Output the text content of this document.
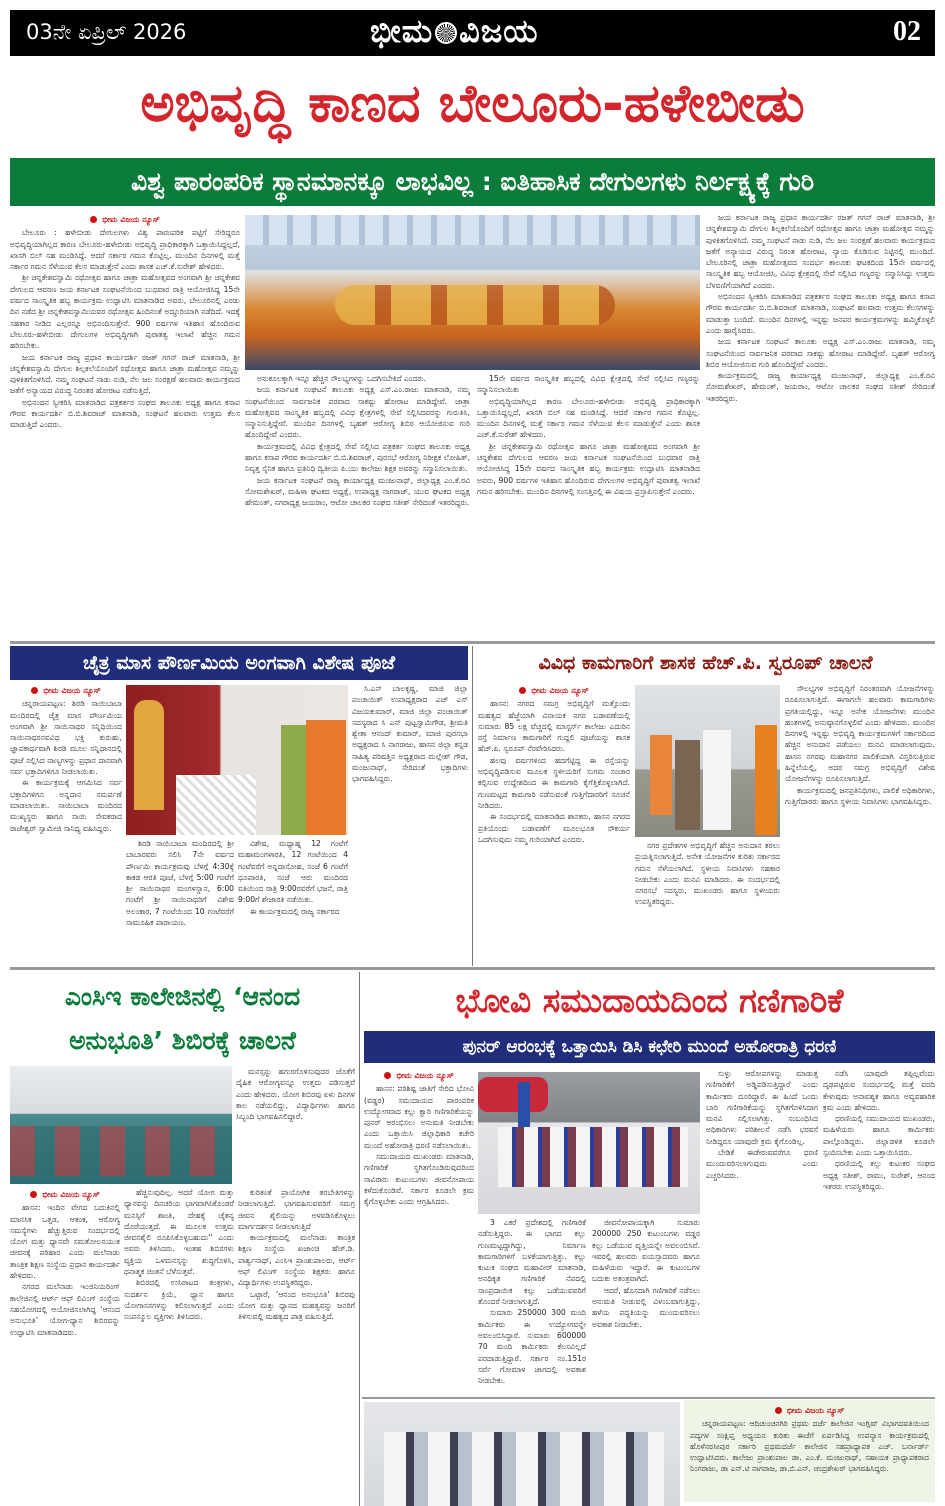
03ನೇ ಏಪ್ರಿಲ್ 2026	ಭೀಮ ವಿಜಯ	02
ಅಭಿವೃದ್ಧಿ ಕಾಣದ ಬೇಲೂರು-ಹಳೇಬೀಡು
ವಿಶ್ವ ಪಾರಂಪರಿಕ ಸ್ಥಾನಮಾನಕ್ಕೂ ಲಾಭವಿಲ್ಲ : ಐತಿಹಾಸಿಕ ದೇಗುಲಗಳು ನಿರ್ಲಕ್ಷ್ಯಕ್ಕೆ ಗುರಿ
ಭೀಮ ವಿಜಯ ನ್ಯೂಸ್

ಬೇಲೂರು : ಹಳೇಬೀಡು ದೇಗುಲಗಳು ವಿಶ್ವ ಪಾರಂಪರಿಕ ಪಟ್ಟಿಗೆ ಸೇರಿದ್ದರೂ ಅಭಿವೃದ್ಧಿಯಾಗಿಲ್ಲದ ಕಾರಣ ಬೇಲೂರು-ಹಳೇಬೀಡು ಅಭಿವೃದ್ಧಿ ಪ್ರಾಧಿಕಾರಕ್ಕಾಗಿ ಒತ್ತಾಯಿಸಿದ್ದಲ್ಲದೆ, ಖಾಸಗಿ ಬಿಲ್ ಸಹ ಮಂಡಿಸಿದ್ದೆ. ಆದರೆ ಸರ್ಕಾರ ಗಮನ ಕೊಟ್ಟಿಲ್ಲ. ಮುಂದಿನ ದಿನಗಳಲ್ಲಿ ಮತ್ತೆ ಸರ್ಕಾರ ಗಮನ ಸೆಳೆಯುವ ಕೆಲಸ ಮಾಡುತ್ತೇನೆ ಎಂದು ಶಾಸಕ ಎಚ್.ಕೆ.ಸುರೇಶ್ ಹೇಳಿದರು.

ಶ್ರೀ ಚನ್ನಕೇಶವಸ್ವಾಮಿ ರಥೋತ್ಸವ ಹಾಗೂ ಜಾತ್ರಾ ಮಹೋತ್ಸವದ ಅಂಗವಾಗಿ ಶ್ರೀ ಚನ್ನಕೇಶವ ದೇಗುಲದ ಆವರಣ ಜಯ ಕರ್ನಾಟಕ ಸಂಘಟನೆಯಿಂದ ಬುಧವಾರ ರಾತ್ರಿ ಆಯೋಜಿಸಿದ್ದ 15ನೇ ವರ್ಷದ ಸಾಂಸ್ಕೃತಿಕ ಹಬ್ಬ ಕಾರ್ಯಕ್ರಮ ಉದ್ಘಾಟಿಸಿ ಮಾತನಾಡಿದ ಅವರು, ಬೇಲೂರಿನಲ್ಲಿ ಎರಡು ದಿನ ನಡೆದ ಶ್ರೀ ಚನ್ನಕೇಶವಸ್ವಾಮಿಯವರ ರಥೋತ್ಸವ ಹಿಂದಿನಂತೆ ಅದ್ಧೂರಿಯಾಗಿ ನಡೆದಿದೆ. ಇದಕ್ಕೆ ಸಹಕಾರ ನೀಡಿದ ಎಲ್ಲರನ್ನೂ ಅಭಿನಂದಿಸುತ್ತೇನೆ. 900 ವರ್ಷಗಳ ಇತಿಹಾಸ ಹೊಂದಿರುವ ಬೇಲೂರು-ಹಳೇಬೀಡು ದೇಗುಲಗಳ ಅಭಿವೃದ್ಧಿಗಾಗಿ ಪುರಾತತ್ವ ಇಲಾಖೆ ಹೆಚ್ಚಿನ ಗಮನ ಹರಿಸಬೇಕು.

ಜಯ ಕರ್ನಾಟಕ ರಾಜ್ಯ ಪ್ರಧಾನ ಕಾರ್ಯದರ್ಶಿ ರಜತ್ ಗಗನ್ ರಾಜ್ ಮಾತನಾಡಿ, ಶ್ರೀ ಚನ್ನಕೇಶವಸ್ವಾಮಿ ದೇಗುಲ ಶಿಲ್ಪಕಲೆಯೊಂದಿಗೆ ರಥೋತ್ಸವ ಹಾಗೂ ಜಾತ್ರಾ ಮಹೋತ್ಸವ ನಮ್ಮನ್ನು ಪುಳಕಿತಗೊಳಿಸಿದೆ. ನಮ್ಮ ಸಂಘಟನೆ ನಾಡು ನುಡಿ, ನೆಲ ಜಲ ಸಂರಕ್ಷಣೆ ಹಲವಾರು ಕಾರ್ಯಕ್ರಮದ ಜತೆಗೆ ಅನ್ಯಾಯದ ವಿರುದ್ಧ ನಿರಂತರ ಹೋರಾಟ ನಡೆಸುತ್ತಿದೆ.

ಅಭಿನಂದನ ಸ್ವೀಕರಿಸಿ ಮಾತನಾಡಿದ ಪತ್ರಕರ್ತರ ಸಂಘದ ತಾಲೂಕು ಅಧ್ಯಕ್ಷ ಹಾಗೂ ಕಸಾಪ ಗೌರವ ಕಾರ್ಯದರ್ಶಿ ಬಿ.ಬಿ.ಶಿವರಾಜ್ ಮಾತನಾಡಿ, ಸಂಘಟನೆ ಹಲವಾರು ಉತ್ತಮ ಕೆಲಸ ಮಾಡುತ್ತಿದೆ ಎಂದರು.

ಅನುಕೂಲಕ್ಕಾಗಿ ಇನ್ನೂ ಹೆಚ್ಚಿನ ಸೌಲಭ್ಯಗಳನ್ನು ಒದಗಿಸಬೇಕಿದೆ ಎಂದರು.

ಜಯ ಕರ್ನಾಟಕ ಸಂಘಟನೆ ತಾಲೂಕು ಅಧ್ಯಕ್ಷ ಎಸ್.ಎಂ.ರಾಜು ಮಾತನಾಡಿ, ನಮ್ಮ ಸಂಘಟನೆಯಿಂದ ಸಾರ್ವಜನಿಕ ಪರವಾದ ಸಾಕಷ್ಟು ಹೋರಾಟ ಮಾಡಿದ್ದೇವೆ. ಜಾತ್ರಾ ಮಹೋತ್ಸವದ ಸಾಂಸ್ಕೃತಿಕ ಹಬ್ಬದಲ್ಲಿ ವಿವಿಧ ಕ್ಷೇತ್ರಗಳಲ್ಲಿ ಸೇವೆ ಸಲ್ಲಿಸಿದವರನ್ನು ಗುರುತಿಸಿ, ಸನ್ಮಾನಿಸುತ್ತಿದ್ದೇವೆ. ಮುಂದಿನ ದಿನಗಳಲ್ಲಿ ಬೃಹತ್ ಆರೋಗ್ಯ ಶಿಬಿರ ಆಯೋಜಿಸುವ ಗುರಿ ಹೊಂದಿದ್ದೇವೆ ಎಂದರು.

ಕಾರ್ಯಕ್ರಮದಲ್ಲಿ ವಿವಿಧ ಕ್ಷೇತ್ರದಲ್ಲಿ ಸೇವೆ ಸಲ್ಲಿಸಿದ ಪತ್ರಕರ್ತ ಸಂಘದ ತಾಲೂಕು ಅಧ್ಯಕ್ಷ ಹಾಗೂ ಕಸಾಪ ಗೌರವ ಕಾರ್ಯದರ್ಶಿ ಬಿ.ಬಿ.ಶಿವರಾಜ್, ಪುರಸಭೆ ಆರೋಗ್ಯ ನಿರೀಕ್ಷಕ ಲೋಹಿತ್, ನಿವೃತ್ತ ಸೈನಿಕ ಹಾಗೂ ಪ್ರತಿನಿಧಿ ದ್ವಿತೀಯ ಪಿ.ಯು ಕಾಲೇಜು ಶಿಕ್ಷಕ ಅವರನ್ನು ಸನ್ಮಾನಿಸಲಾಯಿತು.

ಜಯ ಕರ್ನಾಟಕ ಸಂಘಟನೆ ರಾಜ್ಯ ಕಾರ್ಯಾಧ್ಯಕ್ಷ ಮಂಜುನಾಥ್, ಜಿಲ್ಲಾಧ್ಯಕ್ಷ ಎಂ.ಕೆ.ರವಿ ಸೋಮಶೇಖರ್, ಮಹಿಳಾ ಘಟಕದ ಅಧ್ಯಕ್ಷೆ, ಉಪಾಧ್ಯಕ್ಷ ನಾಗರಾಜ್, ಯುವ ಘಟಕದ ಅಧ್ಯಕ್ಷ ಹೇಮಂತ್, ನಗರಾಧ್ಯಕ್ಷ ಜಯರಾಂ, ಆಟೋ ಚಾಲಕರ ಸಂಘದ ಸತೀಶ್ ಸೇರಿದಂತೆ ಇತರರಿದ್ದರು.

15ನೇ ವರ್ಷದ ಸಾಂಸ್ಕೃತಿಕ ಹಬ್ಬದಲ್ಲಿ ವಿವಿಧ ಕ್ಷೇತ್ರದಲ್ಲಿ ಸೇವೆ ಸಲ್ಲಿಸಿದ ಗಣ್ಯರನ್ನು ಸನ್ಮಾನಿಸಲಾಯಿತು

ಅಭಿವೃದ್ಧಿಯಾಗಿಲ್ಲದ ಕಾರಣ ಬೇಲೂರು-ಹಳೇಬೀಡು ಅಭಿವೃದ್ಧಿ ಪ್ರಾಧಿಕಾರಕ್ಕಾಗಿ ಒತ್ತಾಯಿಸಿದ್ದಲ್ಲದೆ, ಖಾಸಗಿ ಬಿಲ್ ಸಹ ಮಂಡಿಸಿದ್ದೆ. ಆದರೆ ಸರ್ಕಾರ ಗಮನ ಕೊಟ್ಟಿಲ್ಲ. ಮುಂದಿನ ದಿನಗಳಲ್ಲಿ ಮತ್ತೆ ಸರ್ಕಾರ ಗಮನ ಸೆಳೆಯುವ ಕೆಲಸ ಮಾಡುತ್ತೇನೆ ಎಂದು ಶಾಸಕ ಎಚ್.ಕೆ.ಸುರೇಶ್ ಹೇಳಿದರು.

ಶ್ರೀ ಚನ್ನಕೇಶವಸ್ವಾಮಿ ರಥೋತ್ಸವ ಹಾಗೂ ಜಾತ್ರಾ ಮಹೋತ್ಸವದ ಅಂಗವಾಗಿ ಶ್ರೀ ಚನ್ನಕೇಶವ ದೇಗುಲದ ಆವರಣ ಜಯ ಕರ್ನಾಟಕ ಸಂಘಟನೆಯಿಂದ ಬುಧವಾರ ರಾತ್ರಿ ಆಯೋಜಿಸಿದ್ದ 15ನೇ ವರ್ಷದ ಸಾಂಸ್ಕೃತಿಕ ಹಬ್ಬ ಕಾರ್ಯಕ್ರಮ ಉದ್ಘಾಟಿಸಿ ಮಾತನಾಡಿದ ಅವರು, 900 ವರ್ಷಗಳ ಇತಿಹಾಸ ಹೊಂದಿರುವ ದೇಗುಲಗಳ ಅಭಿವೃದ್ಧಿಗೆ ಪುರಾತತ್ವ ಇಲಾಖೆ ಗಮನ ಹರಿಸಬೇಕು. ಮುಂದಿನ ದಿನಗಳಲ್ಲಿ ಸಂಸತ್ತಿನಲ್ಲಿ ಈ ವಿಷಯ ಪ್ರಸ್ತಾಪಿಸುತ್ತೇನೆ ಎಂದರು.

ಜಯ ಕರ್ನಾಟಕ ರಾಜ್ಯ ಪ್ರಧಾನ ಕಾರ್ಯದರ್ಶಿ ರಜತ್ ಗಗನ್ ರಾಜ್ ಮಾತನಾಡಿ, ಶ್ರೀ ಚನ್ನಕೇಶವಸ್ವಾಮಿ ದೇಗುಲ ಶಿಲ್ಪಕಲೆಯೊಂದಿಗೆ ರಥೋತ್ಸವ ಹಾಗೂ ಜಾತ್ರಾ ಮಹೋತ್ಸವ ನಮ್ಮನ್ನು ಪುಳಕಿತಗೊಳಿಸಿದೆ. ನಮ್ಮ ಸಂಘಟನೆ ನಾಡು ನುಡಿ, ನೆಲ ಜಲ ಸಂರಕ್ಷಣೆ ಹಲವಾರು ಕಾರ್ಯಕ್ರಮದ ಜತೆಗೆ ಅನ್ಯಾಯದ ವಿರುದ್ಧ ನಿರಂತ ಹೋರಾಟ, ನ್ಯಾಯ ಕೊಡಿಸುವ ನಿಟ್ಟಿನಲ್ಲಿ ಮುಂದಿದೆ. ಬೇಲೂರಿನಲ್ಲಿ ಜಾತ್ರಾ ಮಹೋತ್ಸವದ ಸಂದರ್ಭ ತಾಲೂಕು ಘಟಕದಿಂದ 15ನೇ ವರ್ಷದಲ್ಲಿ ಸಾಂಸ್ಕೃತಿಕ ಹಬ್ಬ ಆಯೋಜಿಸಿ, ವಿವಿಧ ಕ್ಷೇತ್ರದಲ್ಲಿ ಸೇವೆ ಸಲ್ಲಿಸಿದ ಗಣ್ಯರನ್ನು ಸನ್ಮಾನಿಸಿದ್ದು ಉತ್ತಮ ಬೆಳವಣಿಗೆಯಾಗಿದೆ ಎಂದರು.

ಅಭಿನಂದನ ಸ್ವೀಕರಿಸಿ ಮಾತನಾಡಿದ ಪತ್ರಕರ್ತರ ಸಂಘದ ತಾಲೂಕು ಅಧ್ಯಕ್ಷ ಹಾಗೂ ಕಸಾಪ ಗೌರವ ಕಾರ್ಯದರ್ಶಿ ಬಿ.ಬಿ.ಶಿವರಾಜ್ ಮಾತನಾಡಿ, ಸಂಘಟನೆ ಹಲವಾರು ಉತ್ತಮ ಕೆಲಸಗಳನ್ನು ಮಾಡುತ್ತಾ ಬಂದಿದೆ. ಮುಂದಿನ ದಿನಗಳಲ್ಲಿ ಇನ್ನಷ್ಟು ಜನಪರ ಕಾರ್ಯಕ್ರಮಗಳನ್ನು ಹಮ್ಮಿಕೊಳ್ಳಲಿ ಎಂದು ಹಾರೈಸಿದರು.

ಜಯ ಕರ್ನಾಟಕ ಸಂಘಟನೆ ತಾಲೂಕು ಅಧ್ಯಕ್ಷ ಎಸ್.ಎಂ.ರಾಜು ಮಾತನಾಡಿ, ನಮ್ಮ ಸಂಘಟನೆಯಿಂದ ಸಾರ್ವಜನಿಕ ಪರವಾದ ಸಾಕಷ್ಟು ಹೋರಾಟ ಮಾಡಿದ್ದೇವೆ. ಬೃಹತ್ ಆರೋಗ್ಯ ಶಿಬಿರ ಆಯೋಜಿಸುವ ಗುರಿ ಹೊಂದಿದ್ದೇವೆ ಎಂದರು.

ಕಾರ್ಯಕ್ರಮದಲ್ಲಿ ರಾಜ್ಯ ಕಾರ್ಯಾಧ್ಯಕ್ಷ ಮಂಜುನಾಥ್, ಜಿಲ್ಲಾಧ್ಯಕ್ಷ ಎಂ.ಕೆ.ರವಿ ಸೋಮಶೇಖರ್, ಹೇಮಂತ್, ಜಯರಾಂ, ಆಟೋ ಚಾಲಕರ ಸಂಘದ ಸತೀಶ್ ಸೇರಿದಂತೆ ಇತರರಿದ್ದರು.

ಚೈತ್ರ ಮಾಸ ಪೌರ್ಣಮಿಯ ಅಂಗವಾಗಿ ವಿಶೇಷ ಪೂಜೆ
ಭೀಮ ವಿಜಯ ನ್ಯೂಸ್

ಚನ್ನರಾಯಪಟ್ಟಣ: ಶಿರಡಿ ಸಾಯಿಬಾಬಾ ಮಂದಿರದಲ್ಲಿ ಚೈತ್ರ ಮಾಸ ಪೌರ್ಣಮಿಯ ಅಂಗವಾಗಿ ಶ್ರೀ ಸಾಯಿನಾಥರ ಸನ್ನಿಧಿಯಿಂದ ಸಾಯಿನಾಥರನವವಿಧ ಭಕ್ತಿ ಕುರುಹು, ಜ್ಞಾಪಕಾರ್ಥವಾಗಿ ಶಿರಡಿ ಮೂಲ ಸನ್ನಿಧಾನದಲ್ಲಿ ಪೂಜೆ ಸಲ್ಲಿಸಿದ ನಾಣ್ಯಗಳನ್ನು ಪ್ರಧಾನ ದಾನವಾಗಿ ಸರ್ವ ಭಕ್ತಾದಿಗಳಿಗೂ ನೀಡಲಾಯಿತು.

ಈ ಕಾರ್ಯಕ್ರಮಕ್ಕೆ ಆಗಮಿಸಿದ ಸರ್ವ ಭಕ್ತಾದಿಗಳಿಗೂ ಅನ್ನದಾನ ಸಮರ್ಪಣೆ ಮಾಡಲಾಯಿತು. ಸಾಯಿಬಾಬಾ ಮಂದಿರದ ಮುಖ್ಯಸ್ಥರು ಹಾಗೂ ಸಾಯಿ ಸೇವಕರಾದ ರಾಜೇಶ್ವರ್ ಸ್ವಾಮೀಜಿ ಸಾನಿಧ್ಯ ವಹಿಸಿದ್ದರು.

ಶಿರಡಿ ಸಾಯಿಬಾಬಾ ಮಂದಿರದಲ್ಲಿ ಶ್ರೀ ಬಾಬಾರವರು ಸಲಿಸಿ 7ನೇ ವರ್ಷದ ಪೌರ್ಣಮಿ ಕಾರ್ಯಕ್ರಮವು ಬೆಳಗ್ಗೆ 4:30ಕ್ಕೆ ಕಾಕಡ ಆರತಿ ಪೂಜೆ, ಬೆಳಗ್ಗೆ 5:00 ಗಂಟೆಗೆ ಶ್ರೀ ಸಾಯಿನಾಥರ ಮಂಗಳಸ್ನಾನ, 6:00 ಗಂಟೆಗೆ ಶ್ರೀ ಸಾಯಿನಾಥರಿಗೆ ವಿಶೇಷ ಅಲಂಕಾರ, 7 ಗಂಟೆಯಿಂದ 10 ಗಂಟೆವರೆಗೆ ಸಾಮೂಹಿಕ ಪಾರಾಯಣ.

ವಿಶೇಷ, ಮಧ್ಯಾಹ್ನ 12 ಗಂಟೆಗೆ ಮಹಾಮಂಗಳಾರತಿ, 12 ಗಂಟೆಯಿಂದ 4 ಗಂಟೆವರೆಗೆ ಅನ್ನದಾಸೋಹ, ಸಂಜೆ 6 ಗಂಟೆಗೆ ಧೂಪಾರತಿ, ಸಂಜೆ ಆರು ಮಂದಿರದ ವತಿಯಿಂದ ರಾತ್ರಿ 9:00ರವರೆಗೆ ಭಜನೆ, ರಾತ್ರಿ 9:00ಗೆ ಶೇಜಾರತಿ ನಡೆಯಿತು.

ಈ ಕಾರ್ಯಕ್ರಮದಲ್ಲಿ ರಾಜ್ಯ ಸರ್ಕಾರದ

ಸಿ.ಎನ್ ಬಾಲಕೃಷ್ಣ, ಮಾಜಿ ಜಿಲ್ಲಾ ಪಂಚಾಯಿತ್ ಉಪಾಧ್ಯಕ್ಷರಾದ ಎಚ್ ಎಸ್ ವಿಜಯಕುಮಾರ್, ಮಾಜಿ ಜಿಲ್ಲಾ ಪಂಚಾಯಿತ್ ಸದಸ್ಯರಾದ ಸಿ ಎನ್ ಪುಟ್ಟಸ್ವಾಮಿಗೌಡ, ಶ್ರೀಮತಿ ಶ್ವೇತಾ ಆನಂದ್ ಕುಮಾರ್, ಮಾಜಿ ಪುರಸಭಾ ಅಧ್ಯಕ್ಷರಾದ ಸಿ ನಾಗರಾಜು, ಹಾಸನ ಜಿಲ್ಲಾ ಕನ್ನಡ ಸಾಹಿತ್ಯ ಪರಿಷತ್ತಿನ ಅಧ್ಯಕ್ಷರಾದ ಮಲ್ಲೇಶ್ ಗೌಡ, ಮಂಜುನಾಥ್, ಸೇರಿದಂತೆ ಭಕ್ತಾದಿಗಳು ಭಾಗವಹಿಸಿದ್ದರು.

ವಿವಿಧ ಕಾಮಗಾರಿಗೆ ಶಾಸಕ ಹೆಚ್.ಪಿ. ಸ್ವರೂಪ್ ಚಾಲನೆ
ಭೀಮ ವಿಜಯ ನ್ಯೂಸ್

ಹಾಸನ: ನಗರದ ಸಮಗ್ರ ಅಭಿವೃದ್ಧಿಗೆ ಮತ್ತೊಂದು ಮಹತ್ವದ ಹೆಜ್ಜೆಯಾಗಿ ವಿನಾಯಕ ನಗರ ಬಡಾವಣೆಯಲ್ಲಿ ಸುಮಾರು 85 ಲಕ್ಷ ವೆಚ್ಚದಲ್ಲಿ ಮಾಸ್ಟರ್ಸ್ ಕಾಲೇಜು ಎದುರಿನ ರಸ್ತೆ ನಿರ್ಮಾಣ ಕಾಮಗಾರಿಗೆ ಗುದ್ದಲಿ ಪೂಜೆಯನ್ನು ಶಾಸಕ ಹೆಚ್.ಪಿ. ಸ್ವರೂಪ್ ನೆರವೇರಿಸಿದರು.

ಹಲವು ವರ್ಷಗಳಿಂದ ಹದಗೆಟ್ಟಿದ್ದ ಈ ರಸ್ತೆಯನ್ನು ಅಭಿವೃದ್ಧಿಪಡಿಸುವ ಮೂಲಕ ಸ್ಥಳೀಯರಿಗೆ ಸುಗಮ ಸಂಚಾರ ಕಲ್ಪಿಸುವ ಉದ್ದೇಶದಿಂದ ಈ ಕಾಮಗಾರಿ ಕೈಗೆತ್ತಿಕೊಳ್ಳಲಾಗಿದೆ. ಗುಣಮಟ್ಟದ ಕಾಮಗಾರಿ ನಡೆಸುವಂತೆ ಗುತ್ತಿಗೆದಾರರಿಗೆ ಸೂಚನೆ ನೀಡಿದರು.

ಈ ಸಂದರ್ಭದಲ್ಲಿ ಮಾತನಾಡಿದ ಶಾಸಕರು, ಹಾಸನ ನಗರದ ಪ್ರತಿಯೊಂದು ಬಡಾವಣೆಗೆ ಮೂಲಭೂತ ಸೌಕರ್ಯ ಒದಗಿಸುವುದು ನಮ್ಮ ಗುರಿಯಾಗಿದೆ ಎಂದರು.

ನಗರ ಪ್ರದೇಶಗಳ ಅಭಿವೃದ್ಧಿಗೆ ಹೆಚ್ಚಿನ ಅನುದಾನ ತರಲು ಪ್ರಯತ್ನಿಸಲಾಗುತ್ತಿದೆ. ಅನೇಕ ಯೋಜನೆಗಳ ಕುರಿತು ಸರ್ಕಾರದ ಗಮನ ಸೆಳೆಯಲಾಗಿದೆ. ಸ್ಥಳೀಯ ನಿವಾಸಿಗಳು ಸಹಕಾರ ನೀಡಬೇಕು ಎಂದು ಮನವಿ ಮಾಡಿದರು. ಈ ಸಂದರ್ಭದಲ್ಲಿ ನಗರಸಭೆ ಸದಸ್ಯರು, ಮುಖಂಡರು ಹಾಗೂ ಸ್ಥಳೀಯರು ಉಪಸ್ಥಿತರಿದ್ದರು.

ಸೌಲಭ್ಯಗಳ ಅಭಿವೃದ್ಧಿಗೆ ನಿರಂತರವಾಗಿ ಯೋಜನೆಗಳನ್ನು ರೂಪಿಸಲಾಗುತ್ತಿದೆ. ಈಗಾಗಲೇ ಹಲವಾರು ಕಾಮಗಾರಿಗಳು ಪ್ರಗತಿಯಲ್ಲಿದ್ದು, ಇನ್ನೂ ಅನೇಕ ಯೋಜನೆಗಳು ಮುಂದಿನ ಹಂತಗಳಲ್ಲಿ ಅನುಷ್ಠಾನಗೊಳ್ಳಲಿವೆ ಎಂದು ಹೇಳಿದರು. ಮುಂದಿನ ದಿನಗಳಲ್ಲಿ ಇನ್ನಷ್ಟು ಅಭಿವೃದ್ಧಿ ಕಾರ್ಯಕ್ರಮಗಳಿಗೆ ಸರ್ಕಾರದಿಂದ ಹೆಚ್ಚಿನ ಅನುದಾನ ಪಡೆಯಲು ಮನವಿ ಮಾಡಲಾಗುವುದು. ಹಾಸನ ನಗರವು ಮಹಾನಗರ ಪಾಲಿಕೆಯಾಗಿ ವಿಸ್ತರಿಸುತ್ತಿರುವ ಹಿನ್ನೆಲೆಯಲ್ಲಿ, ಅದರ ಸಮಗ್ರ ಅಭಿವೃದ್ಧಿಗೆ ವಿಶೇಷ ಯೋಜನೆಗಳನ್ನು ರೂಪಿಸಲಾಗುತ್ತಿದೆ.

ಕಾರ್ಯಕ್ರಮದಲ್ಲಿ ಜನಪ್ರತಿನಿಧಿಗಳು, ಪಾಲಿಕೆ ಅಧಿಕಾರಿಗಳು, ಗುತ್ತಿಗೆದಾರರು ಹಾಗೂ ಸ್ಥಳೀಯ ನಿವಾಸಿಗಳು ಭಾಗವಹಿಸಿದ್ದರು.

ಎಂಸಿಇ ಕಾಲೇಜಿನಲ್ಲಿ ‘ಆನಂದ
ಅನುಭೂತಿ’ ಶಿಬಿರಕ್ಕೆ ಚಾಲನೆ

ಮನಸ್ಸನ್ನು ಹಗುರಗೊಳಿಸುವುದರ ಜೊತೆಗೆ ದೈಹಿಕ ಆರೋಗ್ಯವನ್ನೂ ಉತ್ತಮ ಪಡಿಸುತ್ತವೆ ಎಂದು ಹೇಳಿದರು. ಯೋಗ ಶಿಬಿರವು ಏಳು ದಿನಗಳ ಕಾಲ ನಡೆಯಲಿದ್ದು, ವಿದ್ಯಾರ್ಥಿಗಳು ಹಾಗೂ ಸಿಬ್ಬಂದಿ ಭಾಗವಹಿಸಲಿದ್ದಾರೆ.

ಭೀಮ ವಿಜಯ ನ್ಯೂಸ್

ಹಾಸನ: ಇಂದಿನ ವೇಗದ ಬದುಕಿನಲ್ಲಿ ಮಾನಸಿಕ ಒತ್ತಡ, ಆತಂಕ, ಆರೋಗ್ಯ ಸಮಸ್ಯೆಗಳು ಹೆಚ್ಚುತ್ತಿರುವ ಸಂದರ್ಭದಲ್ಲಿ ಯೋಗ ಮತ್ತು ಧ್ಯಾನವೇ ಸಮತೋಲನಯುತ ಜೀವನಕ್ಕೆ ಪರಿಹಾರ ಎಂದು ಮಲೆನಾಡು ತಾಂತ್ರಿಕ ಶಿಕ್ಷಣ ಸಂಸ್ಥೆಯ ಪ್ರಧಾನ ಕಾರ್ಯದರ್ಶಿ ಹೇಳಿದರು.

ನಗರದ ಮಲೆನಾಡು ಇಂಜಿನಿಯರಿಂಗ್ ಕಾಲೇಜಿನಲ್ಲಿ ಆರ್ಟ್ ಆಫ್ ಲಿವಿಂಗ್ ಸಂಸ್ಥೆಯ ಸಹಯೋಗದಲ್ಲಿ ಆಯೋಜಿಸಲಾಗಿದ್ದ ‘ಆನಂದ ಅನುಭೂತಿ’ ಯೋಗ-ಧ್ಯಾನ ಶಿಬಿರವನ್ನು ಉದ್ಘಾಟಿಸಿ ಮಾತನಾಡಿದರು.

ಹೆಚ್ಚಿಸುವುದಿಲ್ಲ. ಆದರೆ ಯೋಗ ಮತ್ತು ಧ್ಯಾನವನ್ನು ದಿನಚರಿಯ ಭಾಗವಾಗಿಸಿಕೊಂಡರೆ ಮನಸ್ಸಿಗೆ ಶಾಂತಿ, ದೇಹಕ್ಕೆ ಚೈತನ್ಯ ದೊರೆಯುತ್ತದೆ. ಈ ಮೂಲಕ ಉತ್ತಮ ಜೀವನಶೈಲಿ ರೂಪಿಸಿಕೊಳ್ಳಬಹುದು'' ಎಂದು ಅವರು ತಿಳಿಸಿದರು. ಇಂತಹ ಶಿಬಿರಗಳು ವ್ಯಕ್ತಿಯ ಒಳಮನಸ್ಸನ್ನು ಶುದ್ಧಗೊಳಿಸಿ, ಧನಾತ್ಮಕ ಚಿಂತನೆ ಬೆಳೆಸುತ್ತವೆ.

ಶಿಬಿರದಲ್ಲಿ ಉಸಿರಾಟದ ತಂತ್ರಗಳು, ಸುದರ್ಶನ ಕ್ರಿಯೆ, ಧ್ಯಾನ ಹಾಗೂ ಯೋಗಾಸನಗಳನ್ನು ಕಲಿಸಲಾಗುತ್ತದೆ ಎಂದು ಸಂಪನ್ಮೂಲ ವ್ಯಕ್ತಿಗಳು ತಿಳಿಸಿದರು.

ಕುರಿತಂತೆ ಪ್ರಾಯೋಗಿಕ ತರಬೇತಿಗಳನ್ನು ನೀಡಲಾಗುತ್ತಿದೆ. ಭಾಗವಹಿಸುವವರಿಗೆ ಸಮಗ್ರ ಜೀವನ ಶೈಲಿಯನ್ನು ಅಳವಡಿಸಿಕೊಳ್ಳಲು ಮಾರ್ಗದರ್ಶನ ನೀಡಲಾಗುತ್ತಿದೆ

ಕಾರ್ಯಕ್ರಮದಲ್ಲಿ ಮಲೆನಾಡು ತಾಂತ್ರಿಕ ಶಿಕ್ಷಣ ಸಂಸ್ಥೆಯ ಖಜಾಂಚಿ ಹೆಚ್.ಡಿ. ಪಾರ್ಶ್ವನಾಥ್, ಎಂಸಿಇ ಪ್ರಾಂಶುಪಾಲರು, ಆರ್ಟ್ ಆಫ್ ಲಿವಿಂಗ್ ಸಂಸ್ಥೆಯ ಶಿಕ್ಷಕರು ಹಾಗೂ ವಿದ್ಯಾರ್ಥಿಗಳು ಉಪಸ್ಥಿತರಿದ್ದರು.

ಒಟ್ಟಾರೆ, ‘ಆನಂದ ಅನುಭೂತಿ’ ಶಿಬಿರವು ಯೋಗ ಮತ್ತು ಧ್ಯಾನದ ಮಹತ್ವವನ್ನು ಜನರಿಗೆ ತಿಳಿಸುವಲ್ಲಿ ಮಹತ್ವದ ಪಾತ್ರ ವಹಿಸುತ್ತಿದೆ.

ಭೋವಿ ಸಮುದಾಯದಿಂದ ಗಣಿಗಾರಿಕೆ
ಪುನರ್ ಆರಂಭಕ್ಕೆ ಒತ್ತಾಯಿಸಿ ಡಿಸಿ ಕಛೇರಿ ಮುಂದೆ ಅಹೋರಾತ್ರಿ ಧರಣಿ
ಭೀಮ ವಿಜಯ ನ್ಯೂಸ್

ಹಾಸನ: ಪರಿಶಿಷ್ಟ ಜಾತಿಗೆ ಸೇರಿದ ಭೋವಿ (ವಡ್ಡರ) ಸಮುದಾಯದ ಪಾರಂಪರಿಕ ಉದ್ಯೋಗವಾದ ಕಲ್ಲು ಕ್ವಾರಿ ಗಣಿಗಾರಿಕೆಯನ್ನು ಪುನರ್ ಆರಂಭಿಸಲು ಅನುಮತಿ ನೀಡಬೇಕು ಎಂದು ಒತ್ತಾಯಿಸಿ ಜಿಲ್ಲಾಧಿಕಾರಿ ಕಚೇರಿ ಮುಂದೆ ಅಹೋರಾತ್ರಿ ಧರಣಿ ನಡೆಸಲಾಯಿತು.

ಸಮುದಾಯದ ಮುಖಂಡರು ಮಾತನಾಡಿ, ಗಣಿಗಾರಿಕೆ ಸ್ಥಗಿತಗೊಂಡಿರುವುದರಿಂದ ಸಾವಿರಾರು ಕುಟುಂಬಗಳು ಜೀವನೋಪಾಯ ಕಳೆದುಕೊಂಡಿವೆ. ಸರ್ಕಾರ ಕೂಡಲೇ ಕ್ರಮ ಕೈಗೊಳ್ಳಬೇಕು ಎಂದು ಆಗ್ರಹಿಸಿದರು.

3 ಎಕರೆ ಪ್ರದೇಶದಲ್ಲಿ ಗಣಿಗಾರಿಕೆ ನಡೆಸುತ್ತಿದ್ದರು. ಈ ಭಾಗದ ಕಲ್ಲು ಗುಣಮಟ್ಟದ್ದಾಗಿದ್ದು, ನಿರ್ಮಾಣ ಕಾಮಗಾರಿಗಳಿಗೆ ಬಳಕೆಯಾಗುತ್ತಿತ್ತು. ಕಲ್ಲು ಕುಟುಕ ಸಂಘದ ಮಹಾವೀರ್ ಮಾತನಾಡಿ, ಅನಧಿಕೃತ ಗಣಿಗಾರಿಕೆ ನೆಪದಲ್ಲಿ ಸಾಂಪ್ರದಾಯಿಕ ಕಲ್ಲು ಒಡೆಯುವವರಿಗೆ ತೊಂದರೆ ನೀಡಲಾಗುತ್ತಿದೆ.

ಸುಮಾರು 250000 300 ಮಂದಿ ಕಾರ್ಮಿಕರು ಈ ಉದ್ಯೋಗವನ್ನೇ ಅವಲಂಬಿಸಿದ್ದಾರೆ. ಸುಮಾರು 600000 70 ಮಂದಿ ಕಾರ್ಮಿಕರು ಕೆಲಸವಿಲ್ಲದೆ ಪರದಾಡುತ್ತಿದ್ದಾರೆ. ಸರ್ಕಾರ ನಂ.151ರ ಸರ್ವೆ ಗೋಮಾಳ ಜಾಗದಲ್ಲಿ ಅವಕಾಶ ನೀಡಬೇಕು.

ಜೀವನೋಪಾಯಕ್ಕಾಗಿ ಸುಮಾರು 200000 250 ಕುಟುಂಬಗಳು ವಡ್ಡರ ಕಲ್ಲು ಒಡೆಯುವ ವೃತ್ತಿಯನ್ನೇ ಅವಲಂಬಿಸಿವೆ. ಇವರಲ್ಲಿ ಹಲವರು ವಯಸ್ಸಾದವರು ಹಾಗೂ ಮಹಿಳೆಯರು ಇದ್ದಾರೆ. ಈ ಕುಟುಂಬಗಳ ಬದುಕು ಅತಂತ್ರವಾಗಿದೆ.

ಆದರೆ, ಹೊಸದಾಗಿ ಗಣಿಗಾರಿಕೆ ನಡೆಸಲು ಅನುಮತಿ ನೀಡುವಲ್ಲಿ ವಿಳಂಬವಾಗುತ್ತಿದ್ದು, ಹಳೆಯ ಪದ್ಧತಿಯನ್ನು ಮುಂದುವರಿಸಲು ಅವಕಾಶ ನೀಡಬೇಕು.

ಸುಳ್ಳು ಆರೋಪಗಳನ್ನು ಮಾಡುತ್ತ ಗಣಿಗಾರಿಕೆಗೆ ಅಡ್ಡಿಪಡಿಸುತ್ತಿದ್ದಾರೆ ಎಂದು ಕಾರ್ಮಿಕರು ದೂರಿದ್ದಾರೆ. ಈ ಹಿಂದೆ ಒಂದು ಬಾರಿ ಗಣಿಗಾರಿಕೆಯನ್ನು ಸ್ಥಗಿತಗೊಳಿಸಿದಾಗ ಮನವಿ ಸಲ್ಲಿಸಲಾಗಿತ್ತು. ಸಂಬಂಧಿಸಿದ ಅಧಿಕಾರಿಗಳು ಪರಿಶೀಲನೆ ನಡೆಸಿ ಭರವಸೆ ನೀಡಿದ್ದರೂ ಯಾವುದೇ ಕ್ರಮ ಕೈಗೊಂಡಿಲ್ಲ.

ಬೇಡಿಕೆ ಈಡೇರುವವರೆಗೂ ಧರಣಿ ಮುಂದುವರಿಸಲಾಗುವುದು ಎಂದು ಎಚ್ಚರಿಸಿದರು.

ನಡೆಸಿ ಯಾವುದೇ ತಪ್ಪಿಲ್ಲವೆಂದು ದೃಢಪಟ್ಟಿರುವ ಸಂದರ್ಭದಲ್ಲಿ ಮತ್ತೆ ವರದಿ ಕೇಳುವುದು ಅನಾವಶ್ಯಕ ಹಾಗೂ ಅವ್ಯವಹಾರಿಕ ಕ್ರಮ ಎಂದು ಹೇಳಿದರು.

ಧರಣಿಯಲ್ಲಿ ಸಮುದಾಯದ ಮುಖಂಡರು, ಮಹಿಳೆಯರು ಹಾಗೂ ಕಾರ್ಮಿಕರು ಪಾಲ್ಗೊಂಡಿದ್ದರು. ಜಿಲ್ಲಾಡಳಿತ ಕೂಡಲೇ ಸ್ಪಂದಿಸಬೇಕು ಎಂದು ಒತ್ತಾಯಿಸಿದರು.

ಧರಣಿಯಲ್ಲಿ ಕಲ್ಲು ಕುಟುಕರ ಸಂಘದ ಅಧ್ಯಕ್ಷ ಸತೀಶ್, ರಾಮು, ಸುರೇಶ್, ಆನಂದ ಇತರರು ಉಪಸ್ಥಿತರಿದ್ದರು.

ಭೀಮ ವಿಜಯ ನ್ಯೂಸ್

ಚನ್ನರಾಯಪಟ್ಟಣ: ಆದಿಚುಂಚನಗಿರಿ ಪ್ರಥಮ ದರ್ಜೆ ಕಾಲೇಜಿನ ಇಂಗ್ಲಿಷ್ ವಿಭಾಗದವತಿಯಿಂದ ಪದ್ಯಗಳ ಸಂಕ್ಷಿಪ್ತ ಅಧ್ಯಯನ ಕುರಿತು ಈಚೆಗೆ ಏರ್ಪಡಿಸಿದ್ದ ಉಪನ್ಯಾಸ ಕಾರ್ಯಕ್ರಮದಲ್ಲಿ ಹೊಳೆನರಸೀಪುರ ಸರ್ಕಾರಿ ಪ್ರಥಮದರ್ಜೆ ಕಾಲೇಜಿನ ಸಹಪ್ರಾಧ್ಯಾಪಕ ಎಚ್. ಬರ್ನಾರ್ಡ್ ಉದ್ಘಾಟಿಸಿದರು. ಕಾಲೇಜು ಪ್ರಾಂಶುಪಾಲ ಡಾ. ಎಂ.ಕೆ. ಮಂಜುನಾಥ್, ಸಹಾಯಕ ಪ್ರಾಧ್ಯಾಪಕರಾದ ನಿಂಗರಾಜು, ಡಾ ಎನ್.ಟಿ ನಾಗರಾಜ, ಡಾ.ಬಿ.ಎನ್. ಚಂದ್ರಶೇಖರ್ ಭಾಗವಹಿಸಿದ್ದರು.
